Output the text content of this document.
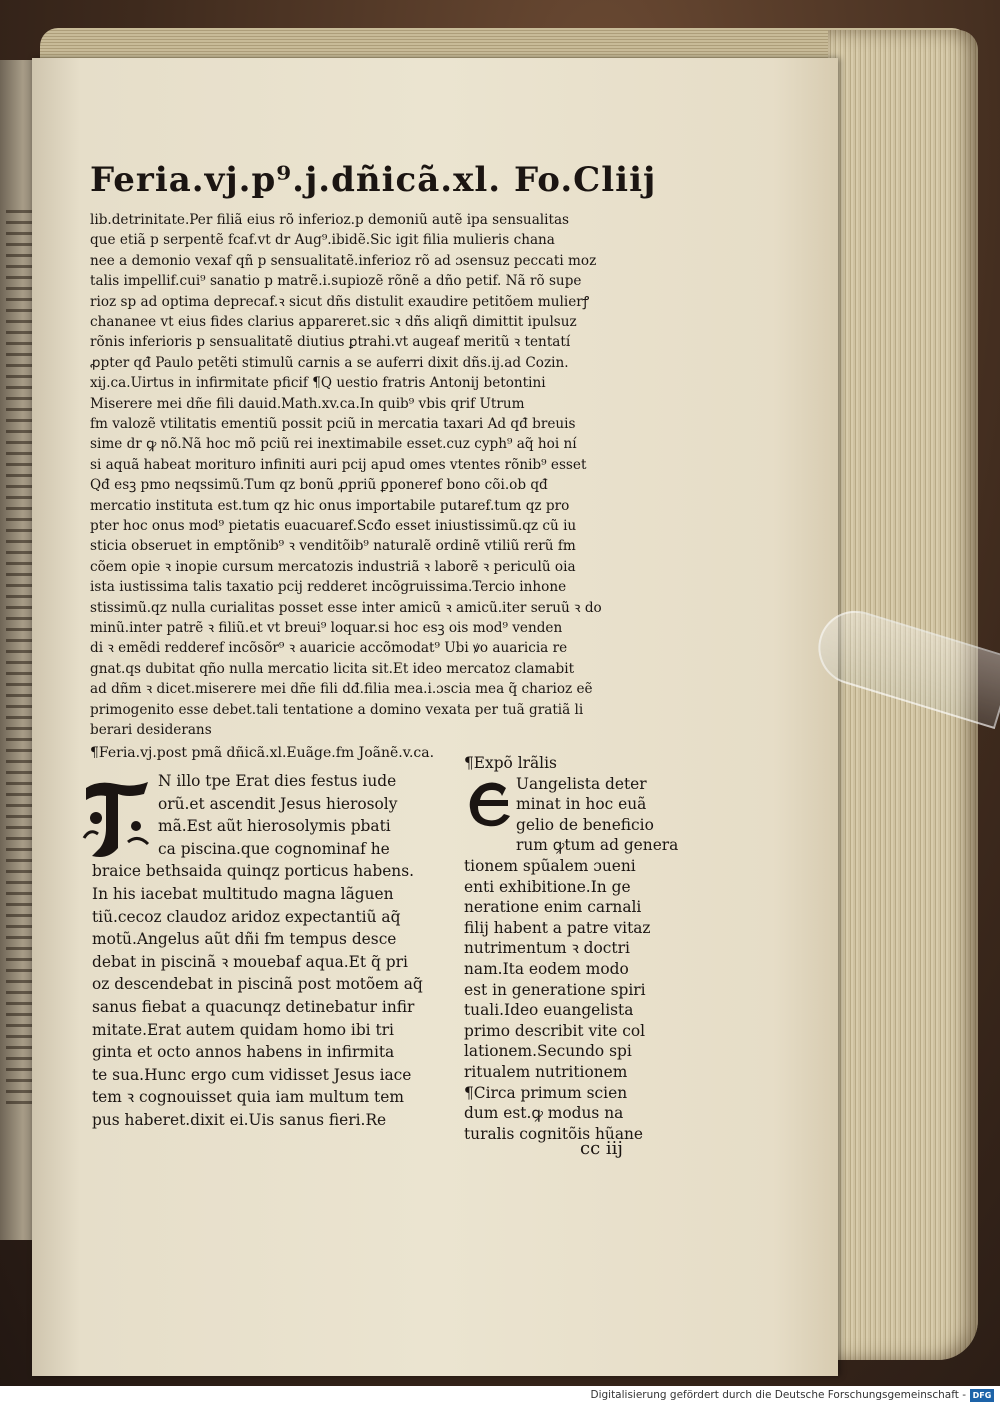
Feria.vj.p⁹.j.dñicã.xl. Fo.Cliij
lib.detrinitate.Per filiã eius rõ inferioz.p demoniũ autẽ ipa sensualitas
que etiã p serpentẽ fcaf.vt dr Aug⁹.ibidẽ.Sic igit filia mulieris chana
nee a demonio vexaf qñ p sensualitatẽ.inferioz rõ ad ɔsensuz peccati moz
talis impellif.cui⁹ sanatio p matrẽ.i.supiozẽ rõnẽ a dño petif. Nã rõ supe
rioz sp ad optima deprecaf.ꝛ sicut dñs distulit exaudire petitõem mulierꝭ
chananee vt eius fides clarius appareret.sic ꝛ dñs aliqñ dimittit ipulsuz
rõnis inferioris p sensualitatẽ diutius ꝑtrahi.vt augeaf meritũ ꝛ tentatí
ꝓpter qđ Paulo petẽti stimulũ carnis a se auferri dixit dñs.ij.ad Cozin.
xij.ca.Uirtus in infirmitate pficif ¶Q uestio fratris Antonij betontini
Miserere mei dñe fili dauid.Math.xv.ca.In quib⁹ vbis qrif Utrum
fm valozẽ vtilitatis ementiũ possit pciũ in mercatia taxari Ad qđ breuis
sime dr ꝙ nõ.Nã hoc mõ pciũ rei inextimabile esset.cuz cyph⁹ aq̃ hoi ní
si aquã habeat morituro infiniti auri pcij apud omes vtentes rõnib⁹ esset
Qđ esꝫ pmo neqssimũ.Tum qz bonũ ꝓpriũ ꝑponeref bono cõi.ob qđ
mercatio instituta est.tum qz hic onus importabile putaref.tum qz pro
pter hoc onus mod⁹ pietatis euacuaref.Scđo esset iniustissimũ.qz cũ iu
sticia obseruet in emptõnib⁹ ꝛ venditõib⁹ naturalẽ ordinẽ vtiliũ rerũ fm
cõem opie ꝛ inopie cursum mercatozis industriã ꝛ laborẽ ꝛ periculũ oia
ista iustissima talis taxatio pcij redderet incõgruissima.Tercio inhone
stissimũ.qz nulla curialitas posset esse inter amicũ ꝛ amicũ.iter seruũ ꝛ do
minũ.inter patrẽ ꝛ filiũ.et vt breui⁹ loquar.si hoc esꝫ ois mod⁹ venden
di ꝛ emẽdi redderef incõsõr⁹ ꝛ auaricie accõmodat⁹ Ubi ꝟo auaricia re
gnat.qs dubitat qño nulla mercatio licita sit.Et ideo mercatoz clamabit
ad dñm ꝛ dicet.miserere mei dñe fili dđ.filia mea.i.ɔscia mea q̃ charioz eẽ
primogenito esse debet.tali tentatione a domino vexata per tuã gratiã li
berari desiderans
¶Feria.vj.post pmã dñicã.xl.Euãge.fm Joãnẽ.v.ca.
N illo tpe Erat dies festus iude
orũ.et ascendit Jesus hierosoly
mã.Est aũt hierosolymis pbati
ca piscina.que cognominaf he
braice bethsaida quinqz porticus habens.
In his iacebat multitudo magna lãguen
tiũ.cecoz claudoz aridoz expectantiũ aq̃
motũ.Angelus aũt dñi fm tempus desce
debat in piscinã ꝛ mouebaf aqua.Et q̃ pri
oz descendebat in piscinã post motõem aq̃
sanus fiebat a quacunqz detinebatur infir
mitate.Erat autem quidam homo ibi tri
ginta et octo annos habens in infirmita
te sua.Hunc ergo cum vidisset Jesus iace
tem ꝛ cognouisset quia iam multum tem
pus haberet.dixit ei.Uis sanus fieri.Re
¶Expõ lrãlis
Uangelista deter
minat in hoc euã
gelio de beneficio
rum ꝙtum ad genera
tionem spũalem ɔueni
enti exhibitione.In ge
neratione enim carnali
filij habent a patre vitaz
nutrimentum ꝛ doctri
nam.Ita eodem modo
est in generatione spiri
tuali.Ideo euangelista
primo describit vite col
lationem.Secundo spi
ritualem nutritionem
¶Circa primum scien
dum est.ꝙ modus na
turalis cognitõis hũane
cc iij
Digitalisierung gefördert durch die Deutsche Forschungsgemeinschaft - DFG
